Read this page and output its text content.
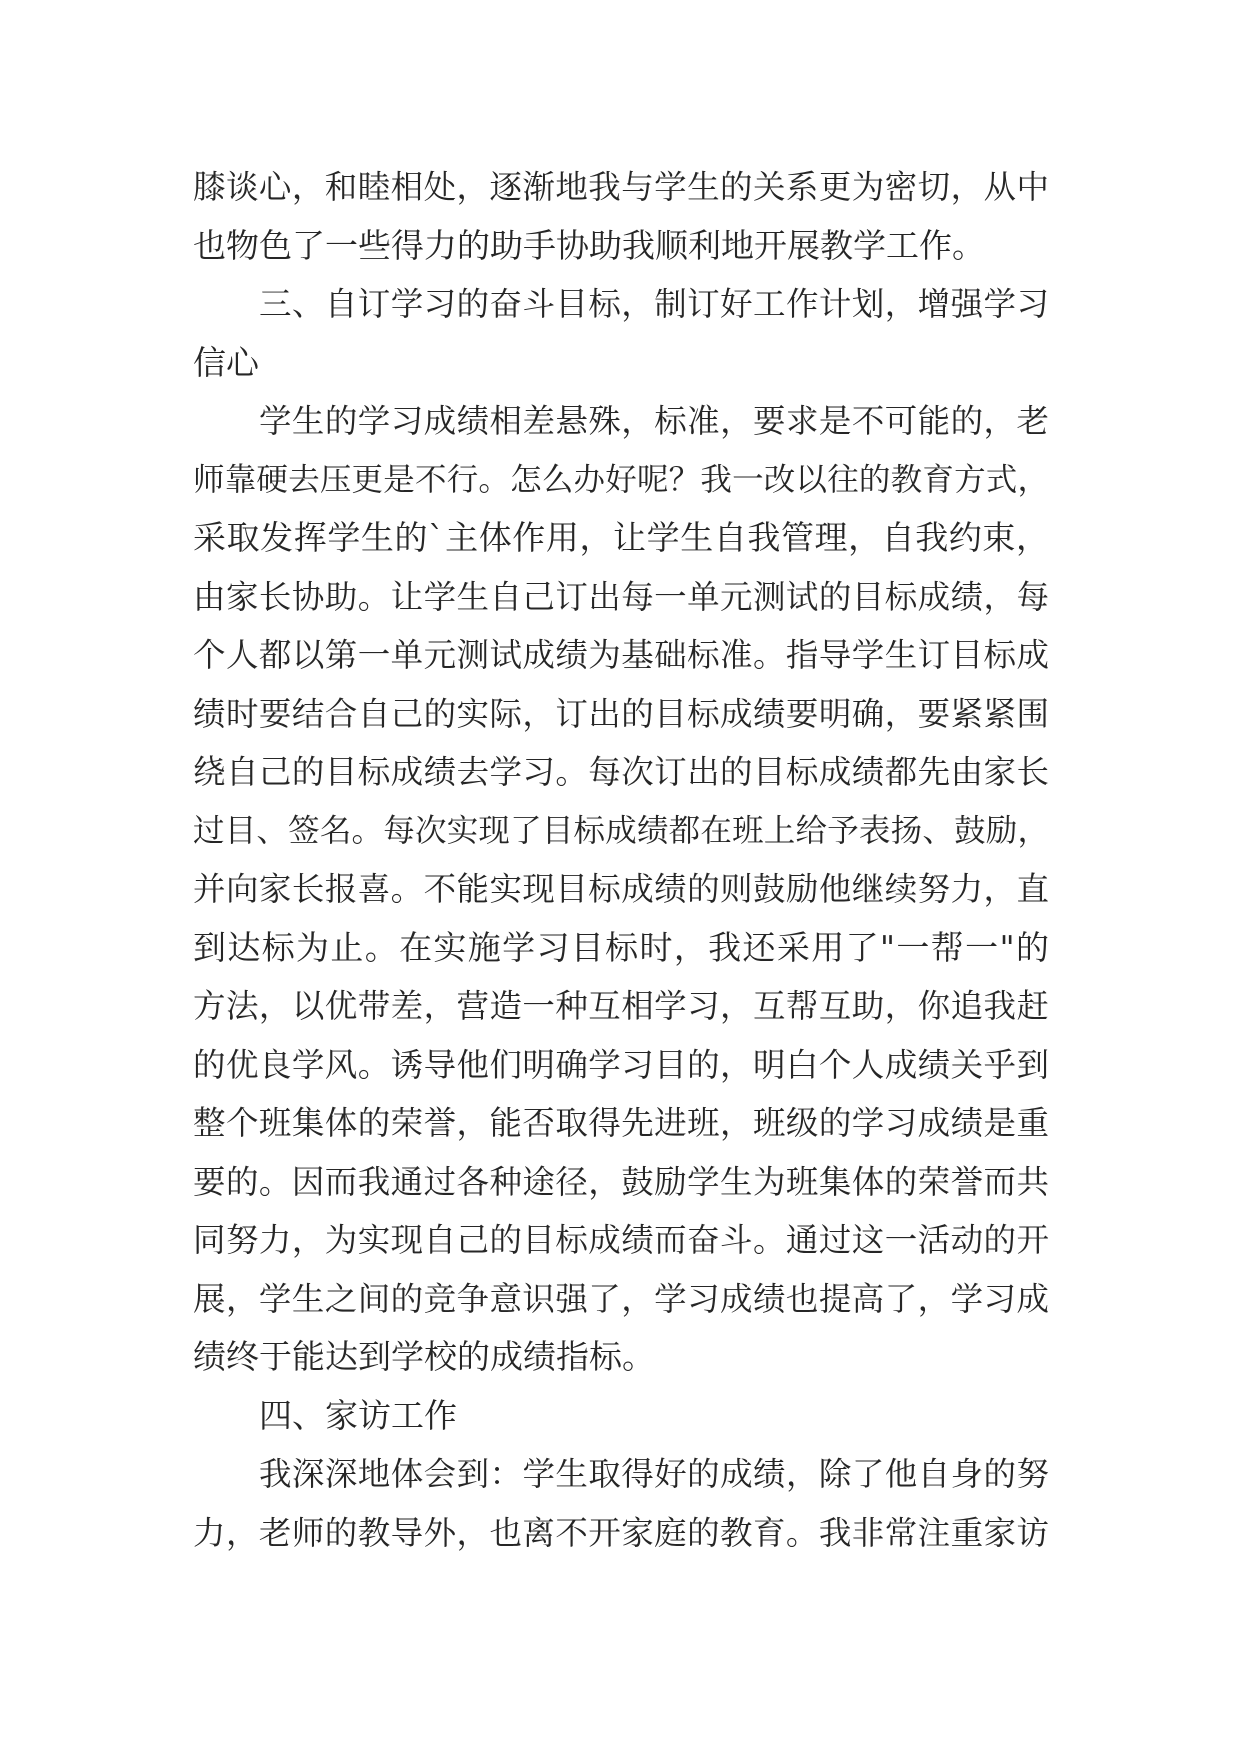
膝谈心，和睦相处，逐渐地我与学生的关系更为密切，从中
也物色了一些得力的助手协助我顺利地开展教学工作。
三、自订学习的奋斗目标，制订好工作计划，增强学习
信心
学生的学习成绩相差悬殊，标准，要求是不可能的，老
师靠硬去压更是不行。怎么办好呢？我一改以往的教育方式，
采取发挥学生的`主体作用，让学生自我管理，自我约束，
由家长协助。让学生自己订出每一单元测试的目标成绩，每
个人都以第一单元测试成绩为基础标准。指导学生订目标成
绩时要结合自己的实际，订出的目标成绩要明确，要紧紧围
绕自己的目标成绩去学习。每次订出的目标成绩都先由家长
过目、签名。每次实现了目标成绩都在班上给予表扬、鼓励，
并向家长报喜。不能实现目标成绩的则鼓励他继续努力，直
到达标为止。在实施学习目标时，我还采用了"一帮一"的
方法，以优带差，营造一种互相学习，互帮互助，你追我赶
的优良学风。诱导他们明确学习目的，明白个人成绩关乎到
整个班集体的荣誉，能否取得先进班，班级的学习成绩是重
要的。因而我通过各种途径，鼓励学生为班集体的荣誉而共
同努力，为实现自己的目标成绩而奋斗。通过这一活动的开
展，学生之间的竞争意识强了，学习成绩也提高了，学习成
绩终于能达到学校的成绩指标。
四、家访工作
我深深地体会到：学生取得好的成绩，除了他自身的努
力，老师的教导外，也离不开家庭的教育。我非常注重家访
